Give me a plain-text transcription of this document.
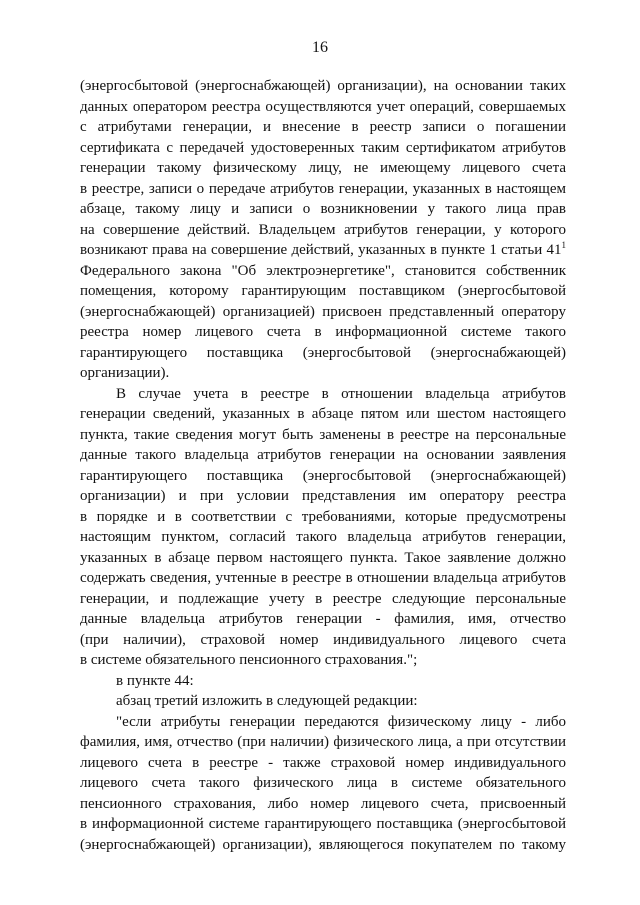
16
(энергосбытовой (энергоснабжающей) организации), на основании таких
данных оператором реестра осуществляются учет операций, совершаемых
с атрибутами генерации, и внесение в реестр записи о погашении
сертификата с передачей удостоверенных таким сертификатом атрибутов
генерации такому физическому лицу, не имеющему лицевого счета
в реестре, записи о передаче атрибутов генерации, указанных в настоящем
абзаце, такому лицу и записи о возникновении у такого лица прав
на совершение действий. Владельцем атрибутов генерации, у которого
возникают права на совершение действий, указанных в пункте 1 статьи 41$^1$
Федерального закона "Об электроэнергетике", становится собственник
помещения, которому гарантирующим поставщиком (энергосбытовой
(энергоснабжающей) организацией) присвоен представленный оператору
реестра номер лицевого счета в информационной системе такого
гарантирующего поставщика (энергосбытовой (энергоснабжающей)
организации).
В случае учета в реестре в отношении владельца атрибутов
генерации сведений, указанных в абзаце пятом или шестом настоящего
пункта, такие сведения могут быть заменены в реестре на персональные
данные такого владельца атрибутов генерации на основании заявления
гарантирующего поставщика (энергосбытовой (энергоснабжающей)
организации) и при условии представления им оператору реестра
в порядке и в соответствии с требованиями, которые предусмотрены
настоящим пунктом, согласий такого владельца атрибутов генерации,
указанных в абзаце первом настоящего пункта. Такое заявление должно
содержать сведения, учтенные в реестре в отношении владельца атрибутов
генерации, и подлежащие учету в реестре следующие персональные
данные владельца атрибутов генерации - фамилия, имя, отчество
(при наличии), страховой номер индивидуального лицевого счета
в системе обязательного пенсионного страхования.";
в пункте 44:
абзац третий изложить в следующей редакции:
"если атрибуты генерации передаются физическому лицу - либо
фамилия, имя, отчество (при наличии) физического лица, а при отсутствии
лицевого счета в реестре - также страховой номер индивидуального
лицевого счета такого физического лица в системе обязательного
пенсионного страхования, либо номер лицевого счета, присвоенный
в информационной системе гарантирующего поставщика (энергосбытовой
(энергоснабжающей) организации), являющегося покупателем по такому
